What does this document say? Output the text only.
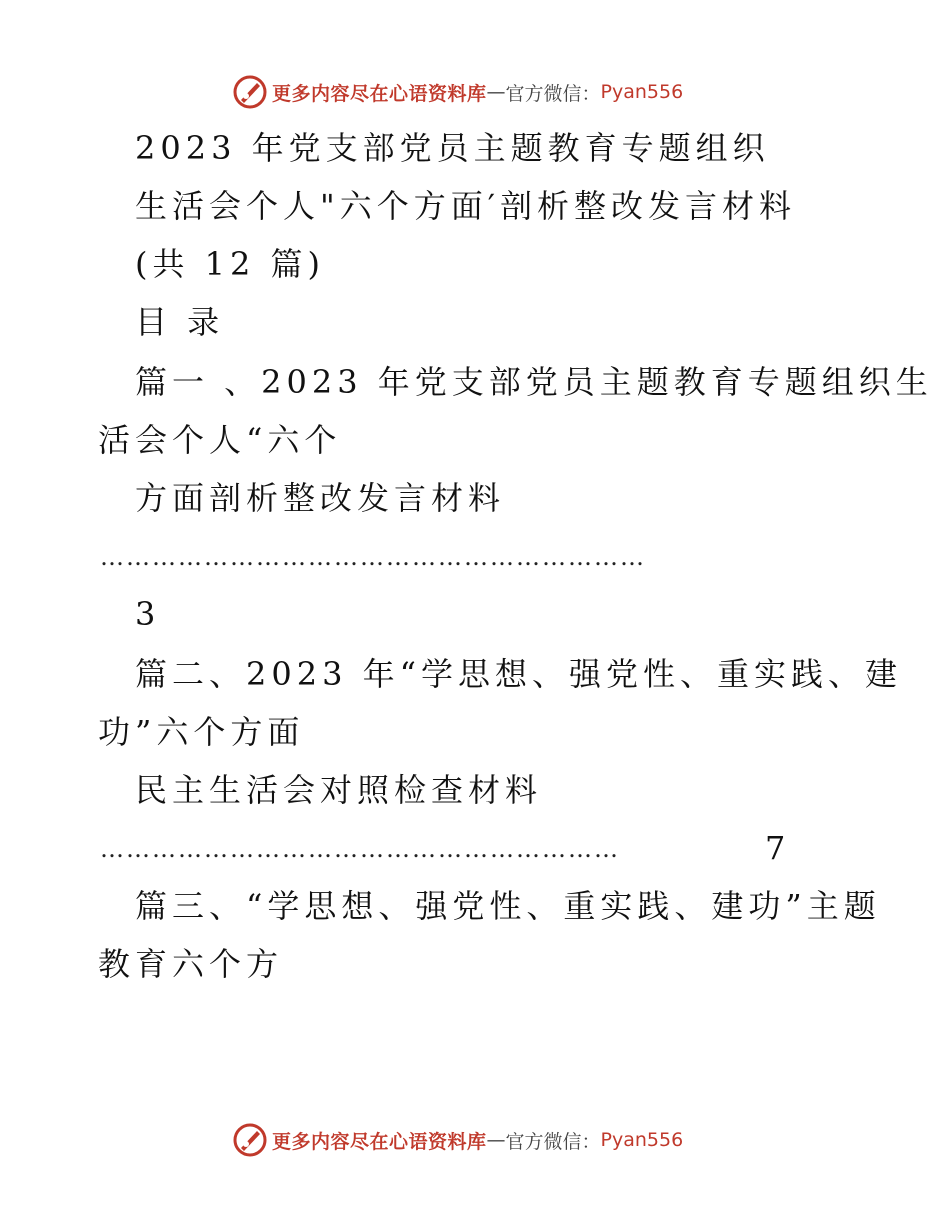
更多内容尽在心语资料库 — 官方微信： Pyan556
2023 年党支部党员主题教育专题组织
生活会个人"六个方面′剖析整改发言材料
(共 12 篇)
目 录
篇一 、2023 年党支部党员主题教育专题组织生
活会个人“六个
方面剖析整改发言材料
………………………………………………………
3
篇二、2023 年“学思想、强党性、重实践、建
功”六个方面
民主生活会对照检查材料
……………………………………………………	7
篇三、“学思想、强党性、重实践、建功”主题
教育六个方
更多内容尽在心语资料库 — 官方微信： Pyan556
